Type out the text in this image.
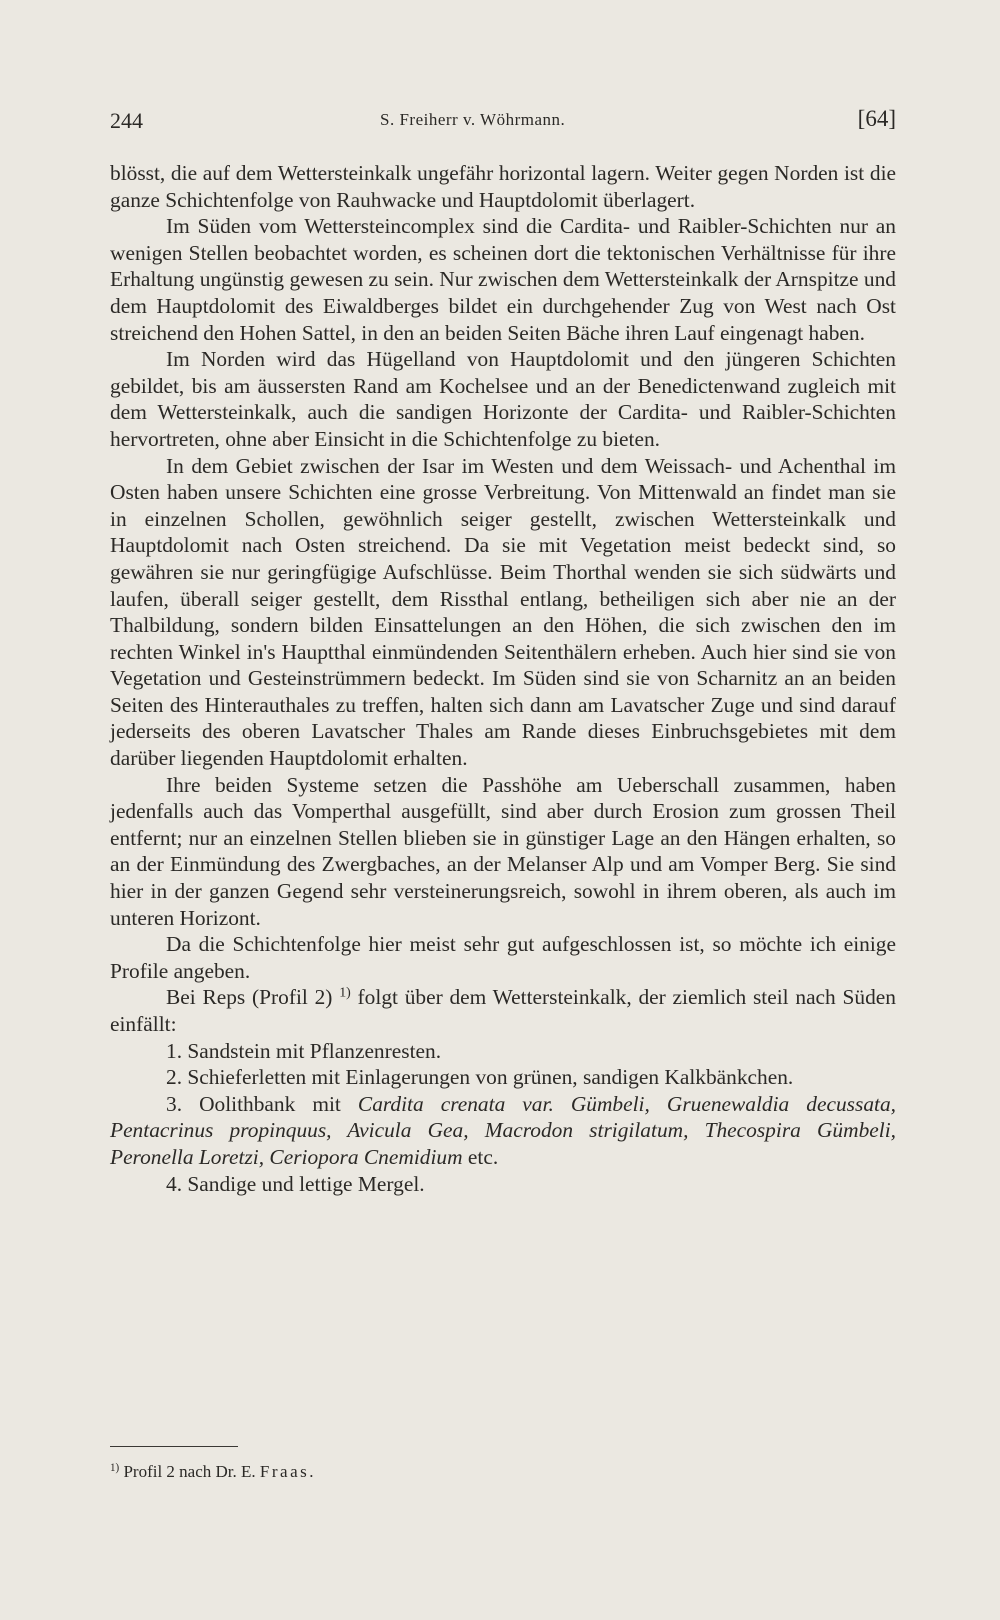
244	S. Freiherr v. Wöhrmann.	[64]

blösst, die auf dem Wettersteinkalk ungefähr horizontal lagern. Weiter gegen Norden ist die ganze Schichtenfolge von Rauhwacke und Hauptdolomit überlagert.

Im Süden vom Wettersteincomplex sind die Cardita- und Raibler-Schichten nur an wenigen Stellen beobachtet worden, es scheinen dort die tektonischen Verhältnisse für ihre Erhaltung ungünstig gewesen zu sein. Nur zwischen dem Wettersteinkalk der Arnspitze und dem Hauptdolomit des Eiwaldberges bildet ein durchgehender Zug von West nach Ost streichend den Hohen Sattel, in den an beiden Seiten Bäche ihren Lauf eingenagt haben.

Im Norden wird das Hügelland von Hauptdolomit und den jüngeren Schichten gebildet, bis am äussersten Rand am Kochelsee und an der Benedictenwand zugleich mit dem Wettersteinkalk, auch die sandigen Horizonte der Cardita- und Raibler-Schichten hervortreten, ohne aber Einsicht in die Schichtenfolge zu bieten.

In dem Gebiet zwischen der Isar im Westen und dem Weissach- und Achenthal im Osten haben unsere Schichten eine grosse Verbreitung. Von Mittenwald an findet man sie in einzelnen Schollen, gewöhnlich seiger gestellt, zwischen Wettersteinkalk und Hauptdolomit nach Osten streichend. Da sie mit Vegetation meist bedeckt sind, so gewähren sie nur geringfügige Aufschlüsse. Beim Thorthal wenden sie sich südwärts und laufen, überall seiger gestellt, dem Rissthal entlang, betheiligen sich aber nie an der Thalbildung, sondern bilden Einsattelungen an den Höhen, die sich zwischen den im rechten Winkel in's Hauptthal einmündenden Seitenthälern erheben. Auch hier sind sie von Vegetation und Gesteinstrümmern bedeckt. Im Süden sind sie von Scharnitz an an beiden Seiten des Hinterauthales zu treffen, halten sich dann am Lavatscher Zuge und sind darauf jederseits des oberen Lavatscher Thales am Rande dieses Einbruchsgebietes mit dem darüber liegenden Hauptdolomit erhalten.

Ihre beiden Systeme setzen die Passhöhe am Ueberschall zusammen, haben jedenfalls auch das Vomperthal ausgefüllt, sind aber durch Erosion zum grossen Theil entfernt; nur an einzelnen Stellen blieben sie in günstiger Lage an den Hängen erhalten, so an der Einmündung des Zwergbaches, an der Melanser Alp und am Vomper Berg. Sie sind hier in der ganzen Gegend sehr versteinerungsreich, sowohl in ihrem oberen, als auch im unteren Horizont.

Da die Schichtenfolge hier meist sehr gut aufgeschlossen ist, so möchte ich einige Profile angeben.

Bei Reps (Profil 2) $^{1)}$ folgt über dem Wettersteinkalk, der ziemlich steil nach Süden einfällt:

1. Sandstein mit Pflanzenresten.

2. Schieferletten mit Einlagerungen von grünen, sandigen Kalkbänkchen.

3. Oolithbank mit Cardita crenata var. Gümbeli, Gruenewaldia decussata, Pentacrinus propinquus, Avicula Gea, Macrodon strigilatum, Thecospira Gümbeli, Peronella Loretzi, Ceriopora Cnemidium etc.

4. Sandige und lettige Mergel.

$^{1)}$ Profil 2 nach Dr. E. Fraas.
